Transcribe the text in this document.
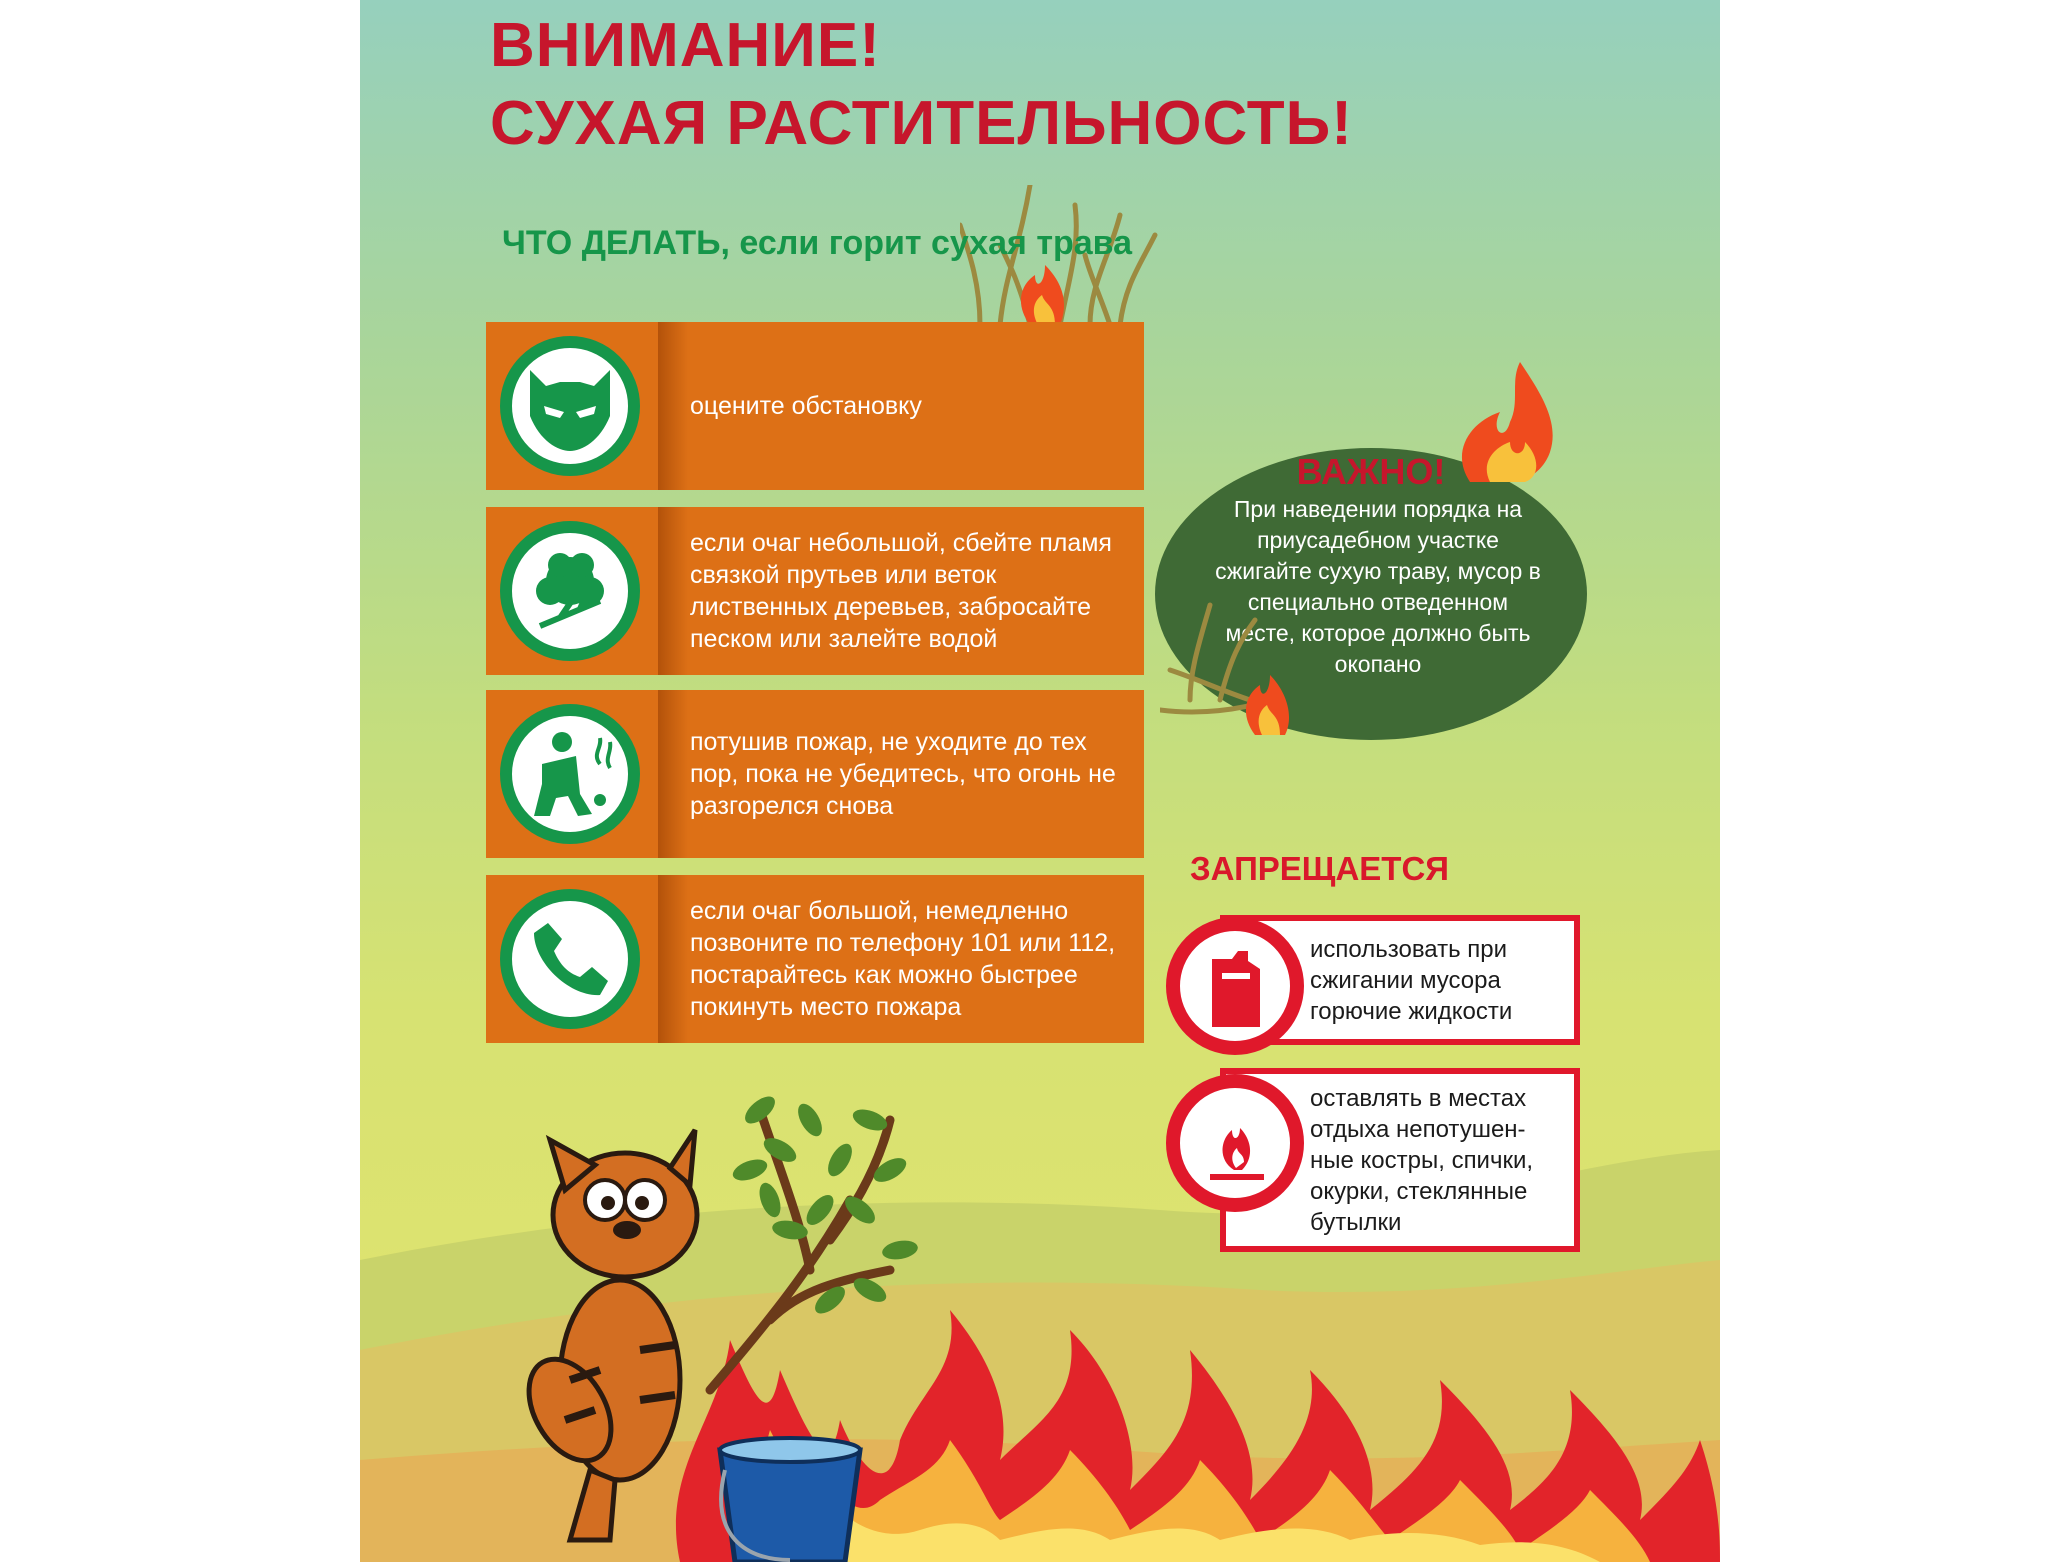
ВНИМАНИЕ!
СУХАЯ РАСТИТЕЛЬНОСТЬ!
ЧТО ДЕЛАТЬ, если горит сухая трава
оцените обстановку
если очаг небольшой, сбейте пламя связкой прутьев или веток лиственных деревьев, забросайте песком или залейте водой
потушив пожар, не уходите до тех пор, пока не убедитесь, что огонь не разгорелся снова
если очаг большой, немедленно позвоните по телефону 101 или 112, постарайтесь как можно быстрее покинуть место пожара
ВАЖНО!
При наведении порядка на приусадебном участке сжигайте сухую траву, мусор в специально отведенном месте, которое должно быть окопано
ЗАПРЕЩАЕТСЯ
использовать при сжигании мусора горючие жидкости
оставлять в местах отдыха непотушен-ные костры, спички, окурки, стеклянные бутылки
